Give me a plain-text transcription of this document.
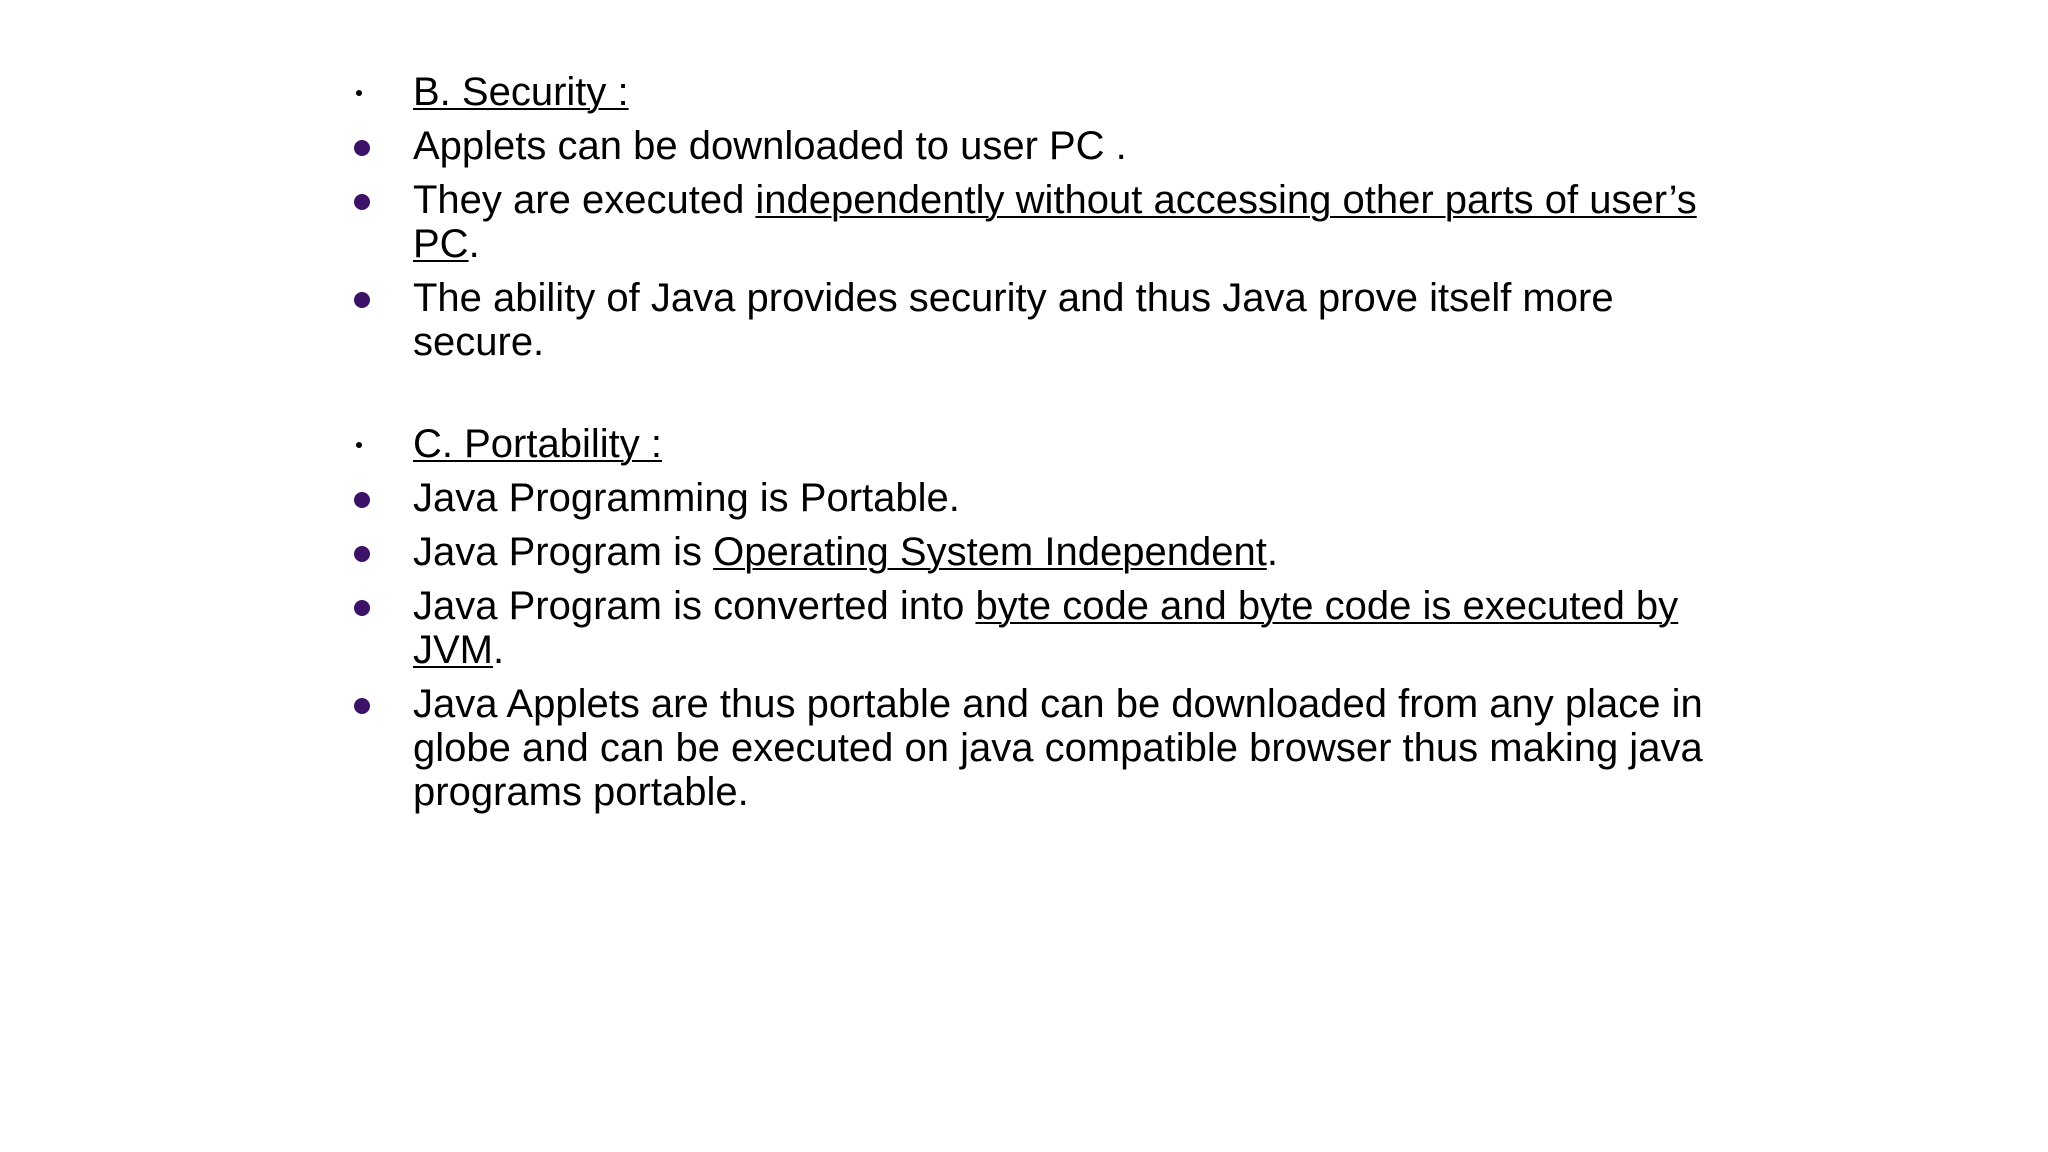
B. Security :
Applets can be downloaded to user PC .
They are executed independently without accessing other parts of user’s PC.
The ability of Java provides security and thus Java prove itself more secure.
C. Portability :
Java Programming is Portable.
Java Program is Operating System Independent.
Java Program is converted into byte code and byte code is executed by JVM.
Java Applets are thus portable and can be downloaded from any place in globe and can be executed on java compatible browser thus making java programs portable.
